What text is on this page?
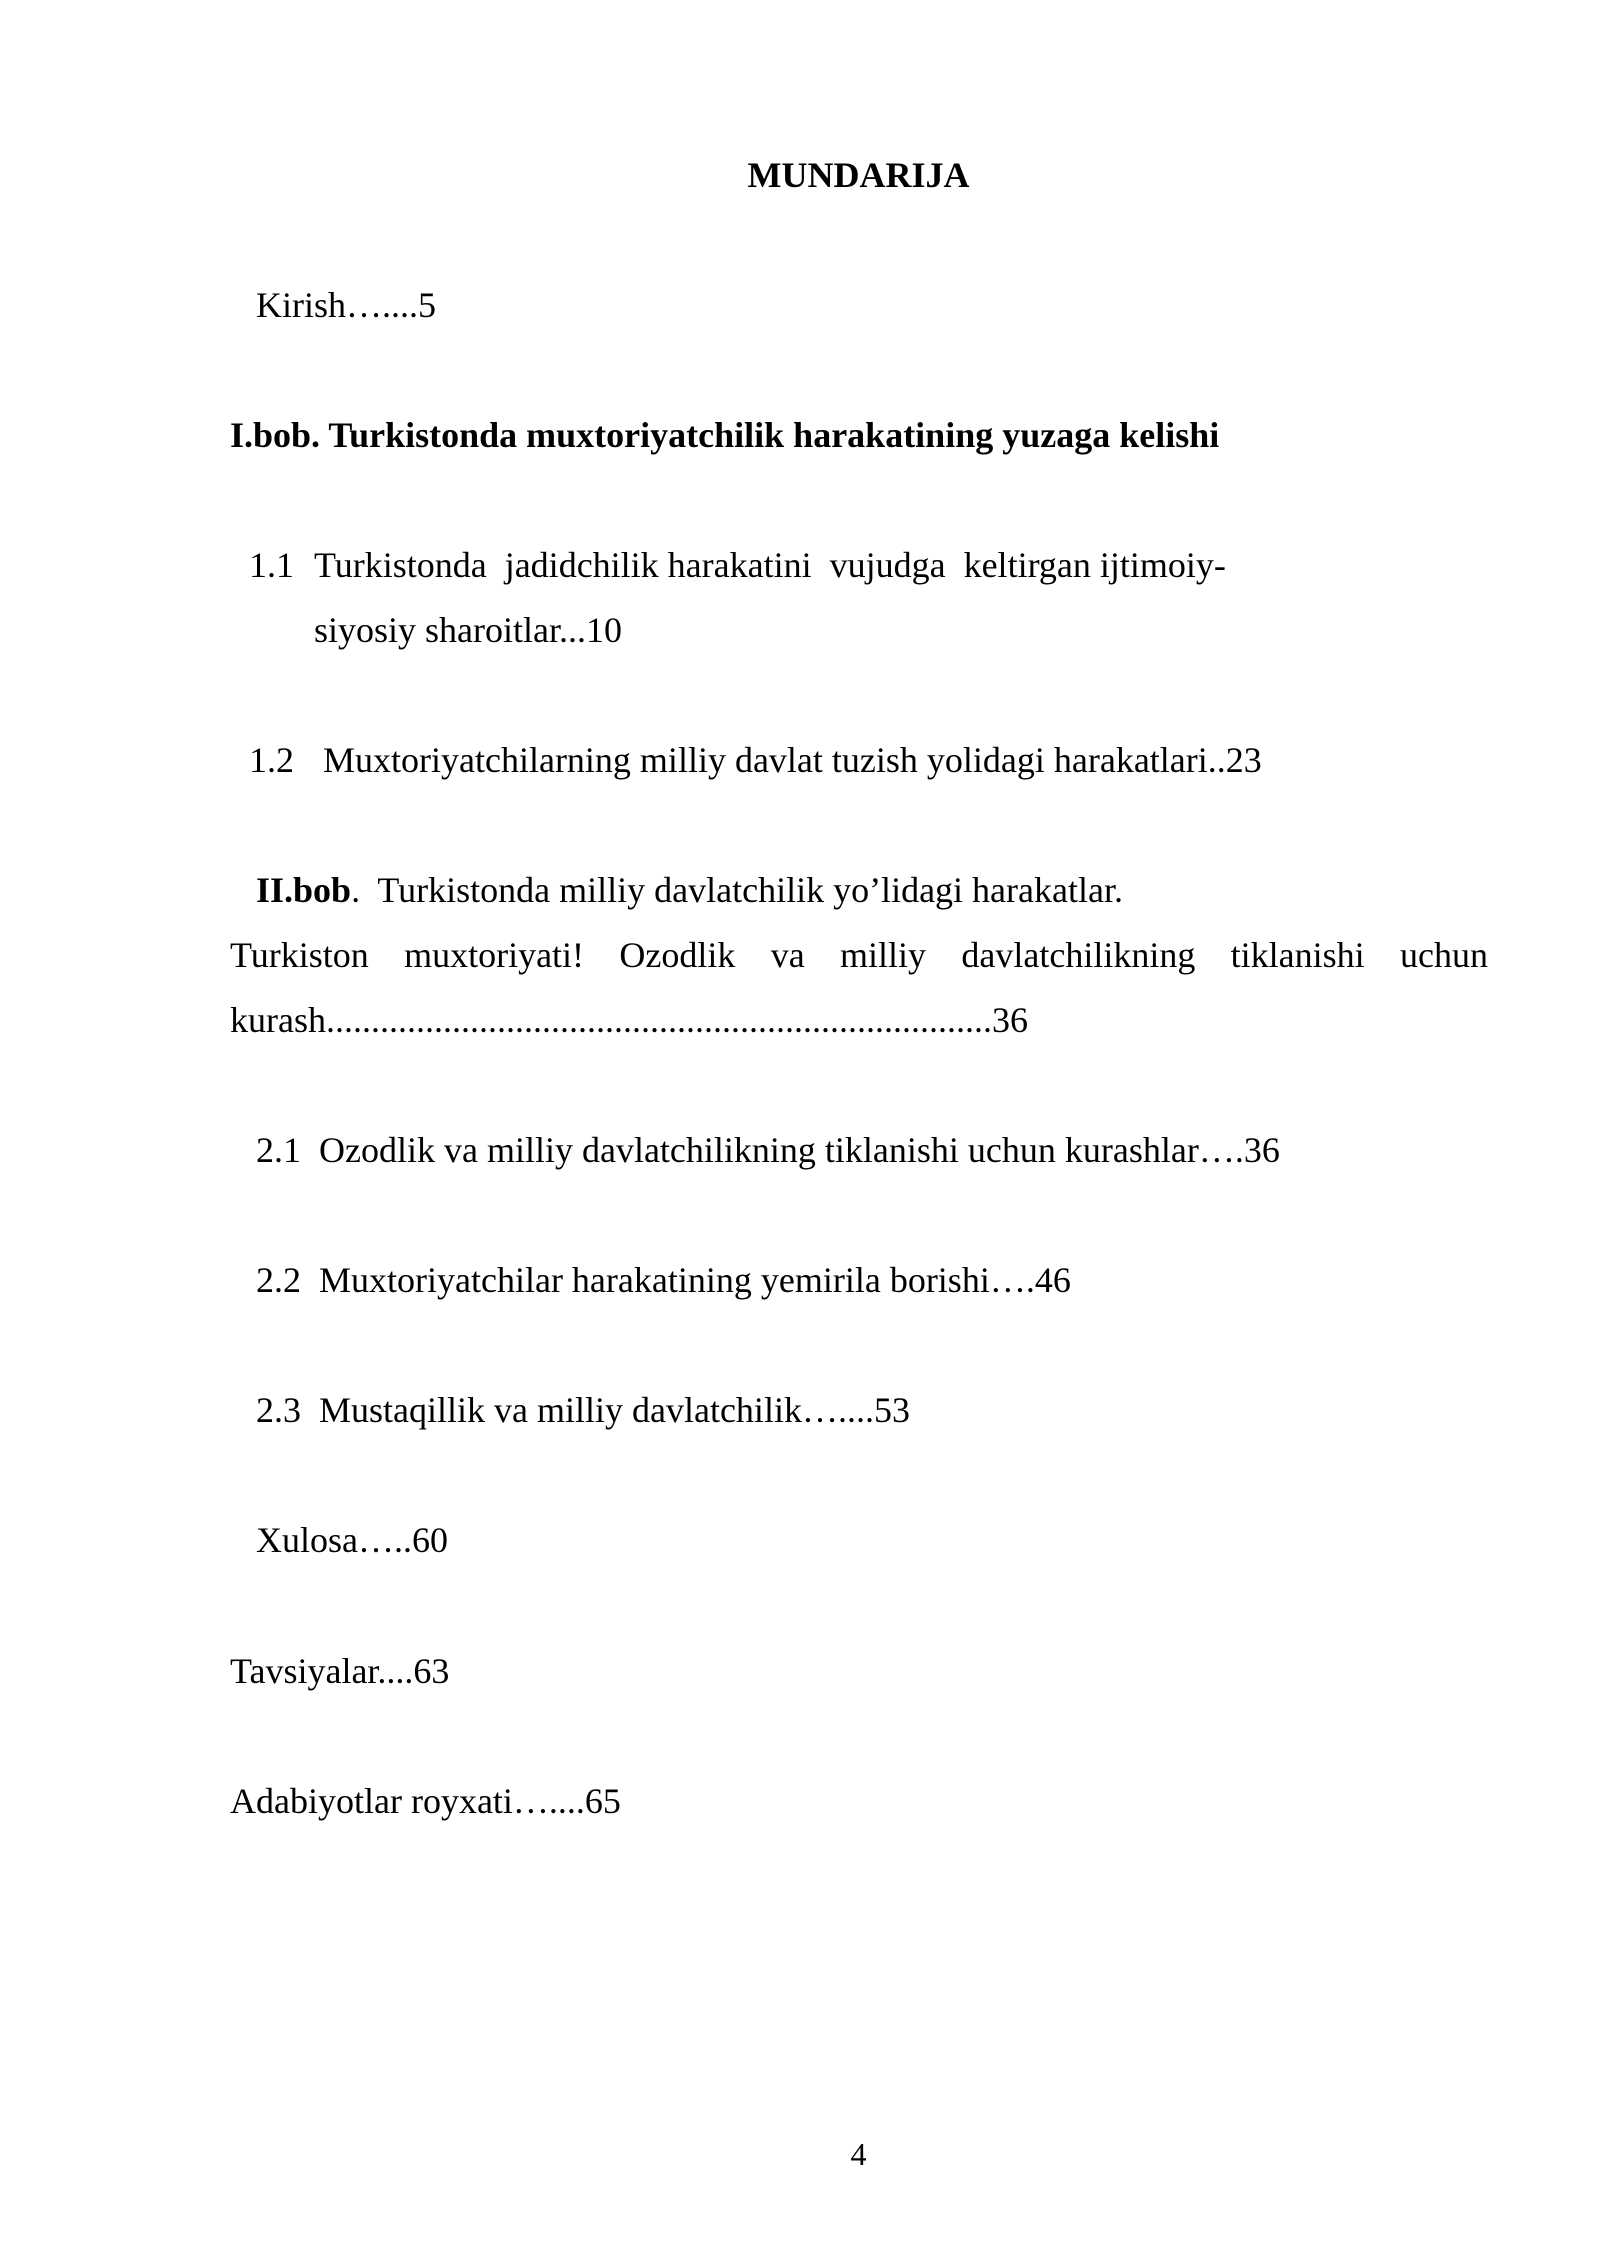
MUNDARIJA
Kirish…....5
I.bob. Turkistonda muxtoriyatchilik harakatining yuzaga kelishi
1.1 Turkistonda  jadidchilik harakatini  vujudga  keltirgan ijtimoiy-
siyosiy sharoitlar...10
1.2 Muxtoriyatchilarning milliy davlat tuzish yolidagi harakatlari..23
II.bob.  Turkistonda milliy davlatchilik yo’lidagi harakatlar.
Turkiston  muxtoriyati!  Ozodlik  va  milliy  davlatchilikning  tiklanishi  uchun
kurash..........................................................................36
2.1  Ozodlik va milliy davlatchilikning tiklanishi uchun kurashlar….36
2.2  Muxtoriyatchilar harakatining yemirila borishi….46
2.3  Mustaqillik va milliy davlatchilik…....53
Xulosa…..60
Tavsiyalar....63
Adabiyotlar royxati…....65
4
